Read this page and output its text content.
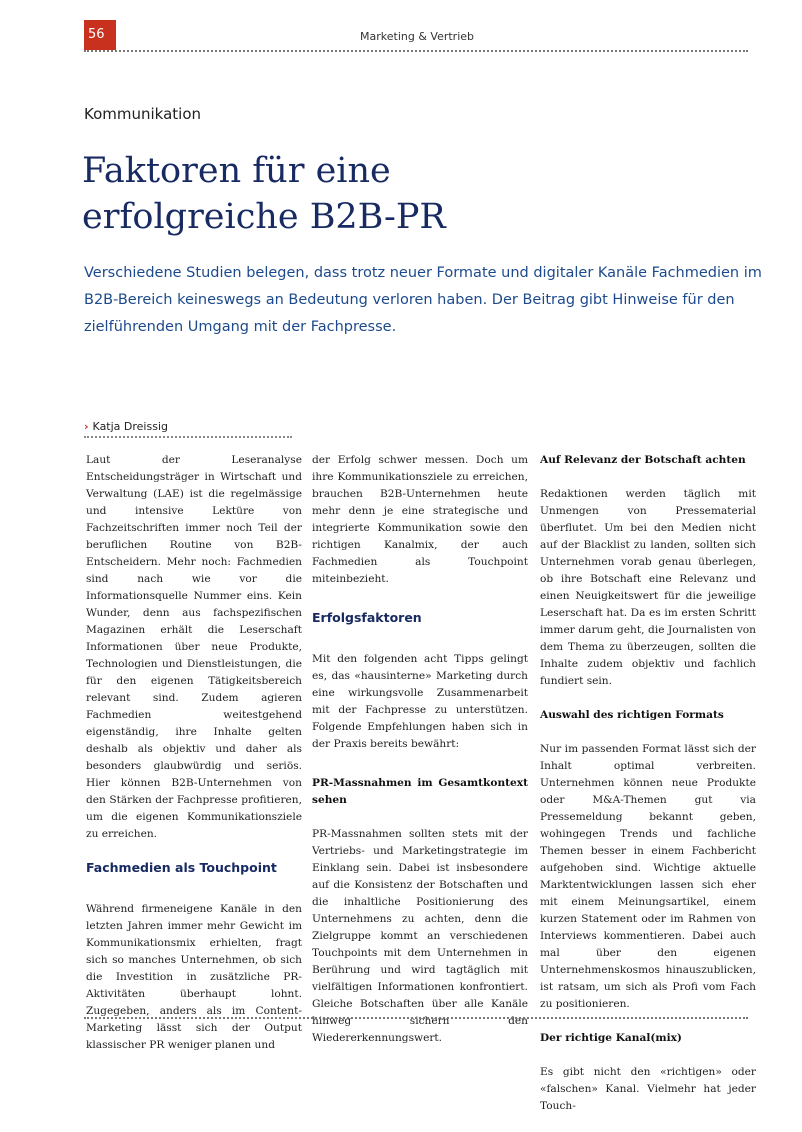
56	Marketing & Vertrieb
Kommunikation
Faktoren für eine
erfolgreiche B2B-PR
Verschiedene Studien belegen, dass trotz neuer Formate und digitaler Kanäle Fachmedien im B2B-Bereich keineswegs an Bedeutung verloren haben. Der Beitrag gibt Hinweise für den zielführenden Umgang mit der Fachpresse.
› Katja Dreissig

Laut der Leseranalyse Entscheidungsträger in Wirtschaft und Verwaltung (LAE) ist die regelmässige und intensive Lektüre von Fachzeitschriften immer noch Teil der beruflichen Routine von B2B-Entscheidern. Mehr noch: Fachmedien sind nach wie vor die Informationsquelle Nummer eins. Kein Wunder, denn aus fachspezifischen Magazinen erhält die Leserschaft Informationen über neue Produkte, Technologien und Dienstleistungen, die für den eigenen Tätigkeitsbereich relevant sind. Zudem agieren Fachmedien weitestgehend eigenständig, ihre Inhalte gelten deshalb als objektiv und daher als besonders glaubwürdig und seriös. Hier können B2B-Unternehmen von den Stärken der Fachpresse profitieren, um die eigenen Kommunikationsziele zu erreichen.

Fachmedien als Touchpoint

Während firmeneigene Kanäle in den letzten Jahren immer mehr Gewicht im Kommunikationsmix erhielten, fragt sich so manches Unternehmen, ob sich die Investition in zusätzliche PR-Aktivitäten überhaupt lohnt. Zugegeben, anders als im Content-Marketing lässt sich der Output klassischer PR weniger planen und

der Erfolg schwer messen. Doch um ihre Kommunikationsziele zu erreichen, brauchen B2B-Unternehmen heute mehr denn je eine strategische und integrierte Kommunikation sowie den richtigen Kanalmix, der auch Fachmedien als Touchpoint miteinbezieht.

Erfolgsfaktoren

Mit den folgenden acht Tipps gelingt es, das «hausinterne» Marketing durch eine wirkungsvolle Zusammenarbeit mit der Fachpresse zu unterstützen. Folgende Empfehlungen haben sich in der Praxis bereits bewährt:

PR-Massnahmen im Gesamtkontext sehen

PR-Massnahmen sollten stets mit der Vertriebs- und Marketingstrategie im Einklang sein. Dabei ist insbesondere auf die Konsistenz der Botschaften und die inhaltliche Positionierung des Unternehmens zu achten, denn die Zielgruppe kommt an verschiedenen Touchpoints mit dem Unternehmen in Berührung und wird tagtäglich mit vielfältigen Informationen konfrontiert. Gleiche Botschaften über alle Kanäle hinweg sichern den Wiedererkennungswert.

Auf Relevanz der Botschaft achten

Redaktionen werden täglich mit Unmengen von Pressematerial überflutet. Um bei den Medien nicht auf der Blacklist zu landen, sollten sich Unternehmen vorab genau überlegen, ob ihre Botschaft eine Relevanz und einen Neuigkeitswert für die jeweilige Leserschaft hat. Da es im ersten Schritt immer darum geht, die Journalisten von dem Thema zu überzeugen, sollten die Inhalte zudem objektiv und fachlich fundiert sein.

Auswahl des richtigen Formats

Nur im passenden Format lässt sich der Inhalt optimal verbreiten. Unternehmen können neue Produkte oder M&A-Themen gut via Pressemeldung bekannt geben, wohingegen Trends und fachliche Themen besser in einem Fachbericht aufgehoben sind. Wichtige aktuelle Marktentwicklungen lassen sich eher mit einem Meinungsartikel, einem kurzen Statement oder im Rahmen von Interviews kommentieren. Dabei auch mal über den eigenen Unternehmenskosmos hinauszublicken, ist ratsam, um sich als Profi vom Fach zu positionieren.

Der richtige Kanal(mix)

Es gibt nicht den «richtigen» oder «falschen» Kanal. Vielmehr hat jeder Touch-
